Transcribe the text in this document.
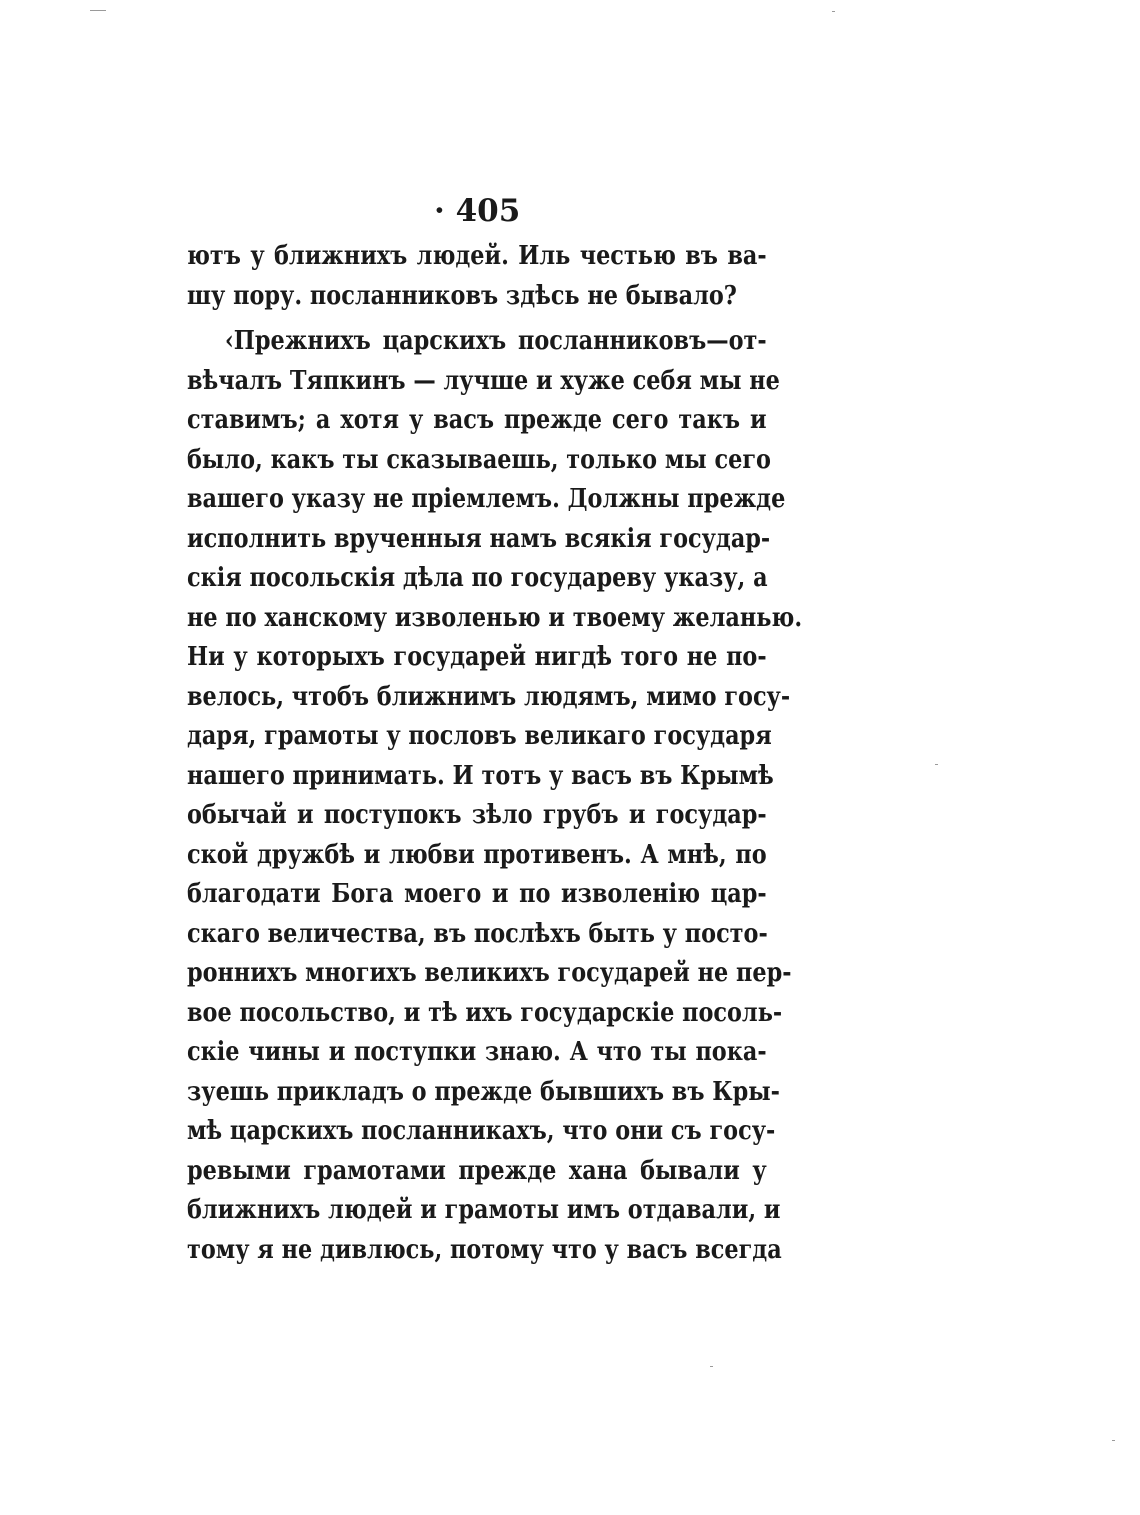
· 405
ютъ у ближнихъ людей. Иль честью въ ва-
шу пору. посланниковъ здѣсь не бывало?
‹Прежнихъ царскихъ посланниковъ—от-
вѣчалъ Тяпкинъ — лучше и хуже себя мы не
ставимъ; а хотя у васъ прежде сего такъ и
было, какъ ты сказываешь, только мы сего
вашего указу не пріемлемъ. Должны прежде
исполнить врученныя намъ всякія государ-
скія посольскія дѣла по государеву указу, а
не по ханскому изволенью и твоему желанью.
Ни у которыхъ государей нигдѣ того не по-
велось, чтобъ ближнимъ людямъ, мимо госу-
даря, грамоты у пословъ великаго государя
нашего принимать. И тотъ у васъ въ Крымѣ
обычай и поступокъ зѣло грубъ и государ-
ской дружбѣ и любви противенъ. А мнѣ, по
благодати Бога моего и по изволенію цар-
скаго величества, въ послѣхъ быть у посто-
роннихъ многихъ великихъ государей не пер-
вое посольство, и тѣ ихъ государскіе посоль-
скіе чины и поступки знаю. А что ты пока-
зуешь прикладъ о прежде бывшихъ въ Кры-
мѣ царскихъ посланникахъ, что они съ госу-
ревыми грамотами прежде хана бывали у
ближнихъ людей и грамоты имъ отдавали, и
тому я не дивлюсь, потому что у васъ всегда
